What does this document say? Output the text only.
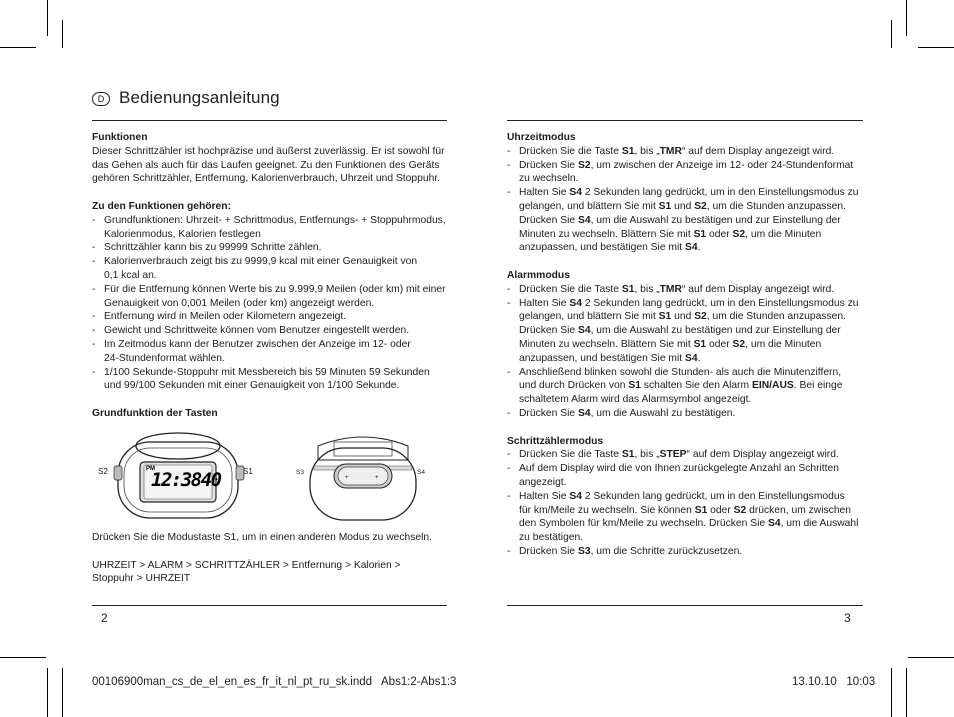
D Bedienungsanleitung
Funktionen
Dieser Schrittzähler ist hochpräzise und äußerst zuverlässig. Er ist sowohl für
das Gehen als auch für das Laufen geeignet. Zu den Funktionen des Geräts
gehören Schrittzähler, Entfernung, Kalorienverbrauch, Uhrzeit und Stoppuhr.
Zu den Funktionen gehören:
- Grundfunktionen: Uhrzeit- + Schrittmodus, Entfernungs- + Stoppuhrmodus, Kalorienmodus, Kalorien festlegen
- Schrittzähler kann bis zu 99999 Schritte zählen.
- Kalorienverbrauch zeigt bis zu 9999,9 kcal mit einer Genauigkeit von 0,1 kcal an.
- Für die Entfernung können Werte bis zu 9.999,9 Meilen (oder km) mit einer Genauigkeit von 0,001 Meilen (oder km) angezeigt werden.
- Entfernung wird in Meilen oder Kilometern angezeigt.
- Gewicht und Schrittweite können vom Benutzer eingestellt werden.
- Im Zeitmodus kann der Benutzer zwischen der Anzeige im 12- oder 24-Stundenformat wählen.
- 1/100 Sekunde-Stoppuhr mit Messbereich bis 59 Minuten 59 Sekunden und 99/100 Sekunden mit einer Genauigkeit von 1/100 Sekunde.
Grundfunktion der Tasten
S2	S1
PM
12:3840	+	+
S3	S4
Drücken Sie die Modustaste S1, um in einen anderen Modus zu wechseln.
UHRZEIT > ALARM > SCHRITTZÄHLER > Entfernung > Kalorien >
Stoppuhr > UHRZEIT
Uhrzeitmodus
- Drücken Sie die Taste S1, bis „TMR“ auf dem Display angezeigt wird.
- Drücken Sie S2, um zwischen der Anzeige im 12- oder 24-Stundenformat zu wechseln.
- Halten Sie S4 2 Sekunden lang gedrückt, um in den Einstellungsmodus zu gelangen, und blättern Sie mit S1 und S2, um die Stunden anzupassen. Drücken Sie S4, um die Auswahl zu bestätigen und zur Einstellung der Minuten zu wechseln. Blättern Sie mit S1 oder S2, um die Minuten anzupassen, und bestätigen Sie mit S4.
Alarmmodus
- Drücken Sie die Taste S1, bis „TMR“ auf dem Display angezeigt wird.
- Halten Sie S4 2 Sekunden lang gedrückt, um in den Einstellungsmodus zu gelangen, und blättern Sie mit S1 und S2, um die Stunden anzupassen. Drücken Sie S4, um die Auswahl zu bestätigen und zur Einstellung der Minuten zu wechseln. Blättern Sie mit S1 oder S2, um die Minuten anzupassen, und bestätigen Sie mit S4.
- Anschließend blinken sowohl die Stunden- als auch die Minutenziffern, und durch Drücken von S1 schalten Sie den Alarm EIN/AUS. Bei einge schaltetem Alarm wird das Alarmsymbol angezeigt.
- Drücken Sie S4, um die Auswahl zu bestätigen.
Schrittzählermodus
- Drücken Sie die Taste S1, bis „STEP“ auf dem Display angezeigt wird.
- Auf dem Display wird die von Ihnen zurückgelegte Anzahl an Schritten angezeigt.
- Halten Sie S4 2 Sekunden lang gedrückt, um in den Einstellungsmodus für km/Meile zu wechseln. Sie können S1 oder S2 drücken, um zwischen den Symbolen für km/Meile zu wechseln. Drücken Sie S4, um die Auswahl zu bestätigen.
- Drücken Sie S3, um die Schritte zurückzusetzen.
2	3
00106900man_cs_de_el_en_es_fr_it_nl_pt_ru_sk.indd   Abs1:2-Abs1:3	13.10.10   10:03
